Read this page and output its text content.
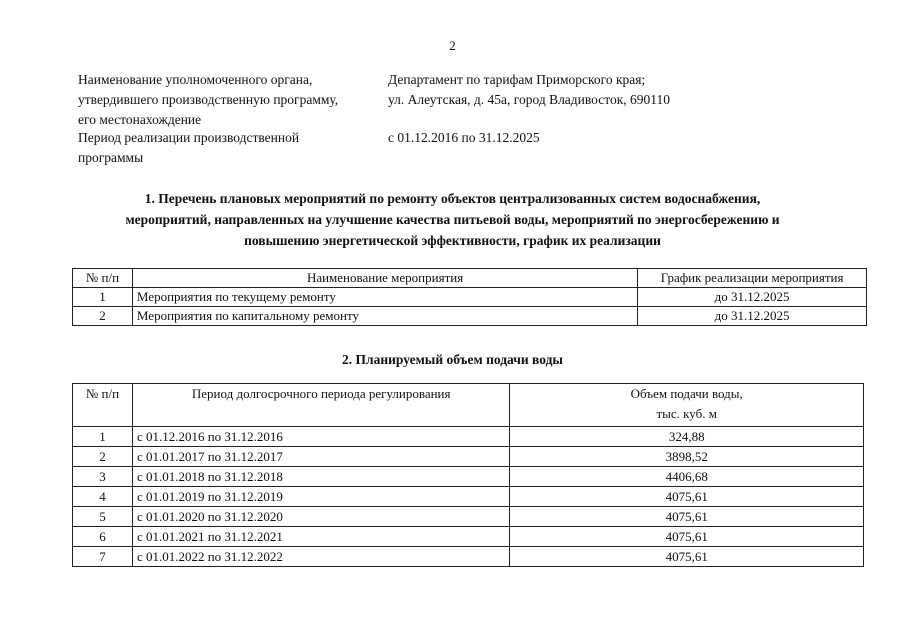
2
Наименование уполномоченного органа,
утвердившего производственную программу,
его местонахождение
Департамент по тарифам Приморского края;
ул. Алеутская, д. 45а, город Владивосток, 690110
Период реализации производственной
программы
с 01.12.2016 по 31.12.2025
1. Перечень плановых мероприятий по ремонту объектов централизованных систем водоснабжения,
мероприятий, направленных на улучшение качества питьевой воды, мероприятий по энергосбережению и
повышению энергетической эффективности, график их реализации
№ п/п	Наименование мероприятия	График реализации мероприятия
1	Мероприятия по текущему ремонту	до 31.12.2025
2	Мероприятия по капитальному ремонту	до 31.12.2025
2. Планируемый объем подачи воды
№ п/п	Период долгосрочного периода регулирования	Объем подачи воды,
тыс. куб. м

1	с 01.12.2016 по 31.12.2016	324,88
2	с 01.01.2017 по 31.12.2017	3898,52
3	с 01.01.2018 по 31.12.2018	4406,68
4	с 01.01.2019 по 31.12.2019	4075,61
5	с 01.01.2020 по 31.12.2020	4075,61
6	с 01.01.2021 по 31.12.2021	4075,61
7	с 01.01.2022 по 31.12.2022	4075,61
